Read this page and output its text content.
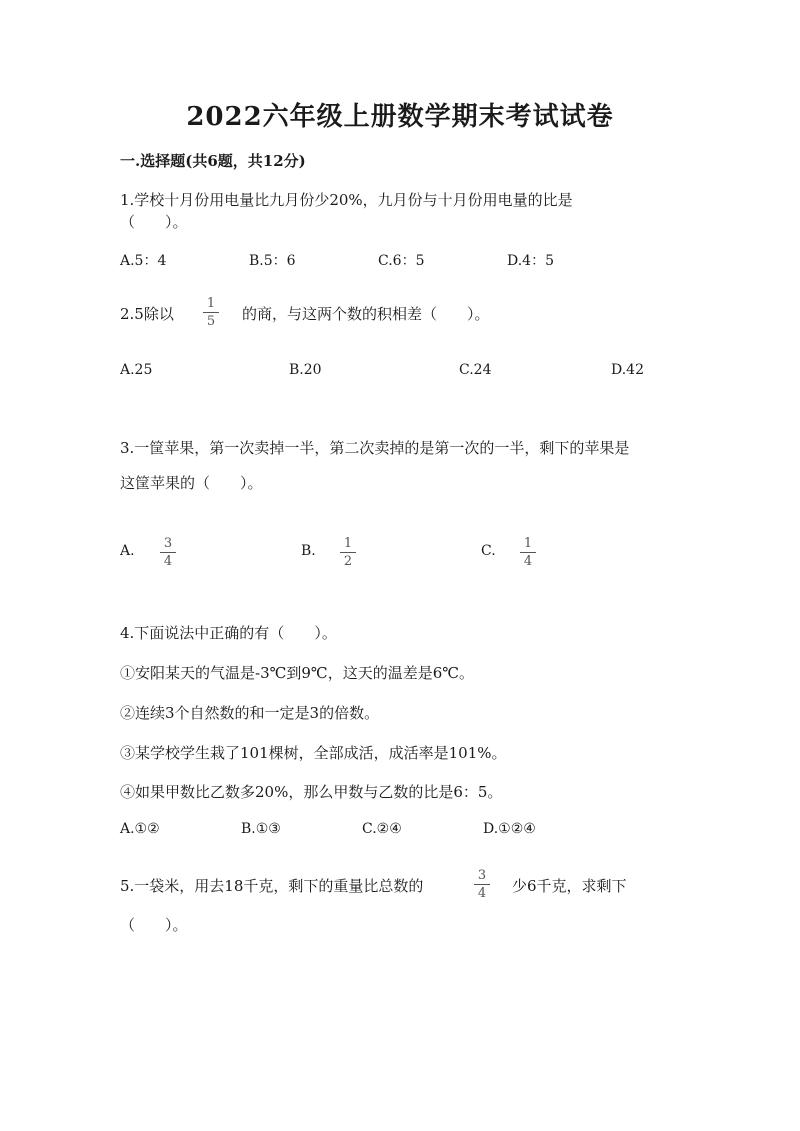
2022六年级上册数学期末考试试卷
一.选择题(共6题，共12分)
1.学校十月份用电量比九月份少20%，九月份与十月份用电量的比是
（　　）。
A.5：4	B.5：6	C.6：5	D.4：5
2.5除以
1
5 的商，与这两个数的积相差（　　）。
A.25	B.20	C.24	D.42
3.一筐苹果，第一次卖掉一半，第二次卖掉的是第一次的一半，剩下的苹果是
这筐苹果的（　　）。
A. 3
4
B. 1
2
C. 1
4
4.下面说法中正确的有（　　）。
①安阳某天的气温是-3℃到9℃，这天的温差是6℃。
②连续3个自然数的和一定是3的倍数。
③某学校学生栽了101棵树，全部成活，成活率是101%。
④如果甲数比乙数多20%，那么甲数与乙数的比是6：5。
A.①②	B.①③	C.②④	D.①②④
5.一袋米，用去18千克，剩下的重量比总数的
3
4 少6千克，求剩下
（　　）。
